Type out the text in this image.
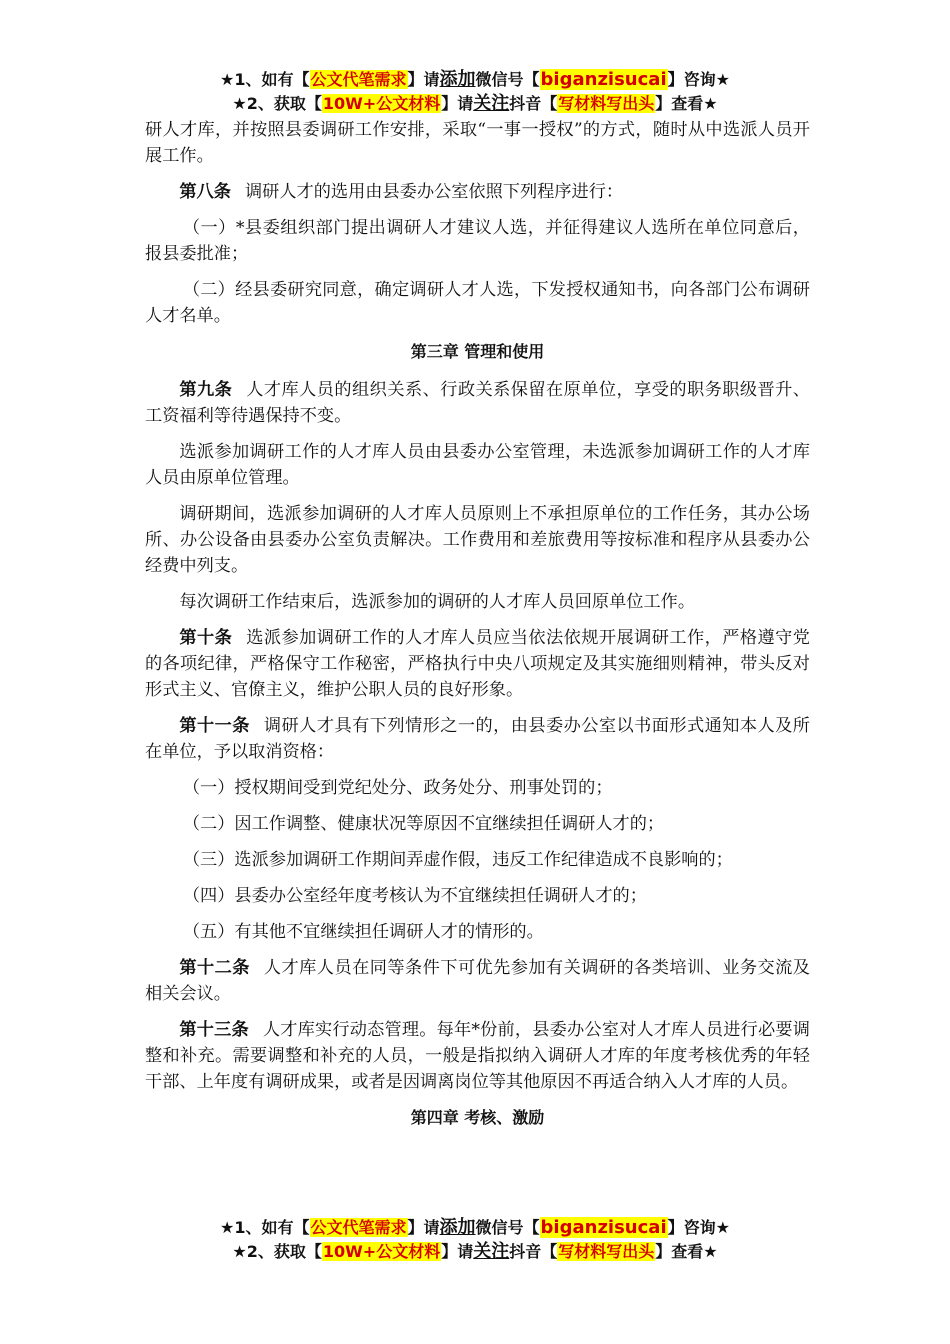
★1、如有【公文代笔需求】请添加微信号【biganzisucai】咨询★
★2、获取【10W+公文材料】请关注抖音【写材料写出头】查看★

研人才库，并按照县委调研工作安排，采取“一事一授权”的方式，随时从中选派人员开展工作。

第八条 调研人才的选用由县委办公室依照下列程序进行：

（一）*县委组织部门提出调研人才建议人选，并征得建议人选所在单位同意后，报县委批准；

（二）经县委研究同意，确定调研人才人选，下发授权通知书，向各部门公布调研人才名单。

第三章 管理和使用

第九条 人才库人员的组织关系、行政关系保留在原单位，享受的职务职级晋升、工资福利等待遇保持不变。

选派参加调研工作的人才库人员由县委办公室管理，未选派参加调研工作的人才库人员由原单位管理。

调研期间，选派参加调研的人才库人员原则上不承担原单位的工作任务，其办公场所、办公设备由县委办公室负责解决。工作费用和差旅费用等按标准和程序从县委办公经费中列支。

每次调研工作结束后，选派参加的调研的人才库人员回原单位工作。

第十条 选派参加调研工作的人才库人员应当依法依规开展调研工作，严格遵守党的各项纪律，严格保守工作秘密，严格执行中央八项规定及其实施细则精神，带头反对形式主义、官僚主义，维护公职人员的良好形象。

第十一条 调研人才具有下列情形之一的，由县委办公室以书面形式通知本人及所在单位，予以取消资格：

（一）授权期间受到党纪处分、政务处分、刑事处罚的；

（二）因工作调整、健康状况等原因不宜继续担任调研人才的；

（三）选派参加调研工作期间弄虚作假，违反工作纪律造成不良影响的；

（四）县委办公室经年度考核认为不宜继续担任调研人才的；

（五）有其他不宜继续担任调研人才的情形的。

第十二条 人才库人员在同等条件下可优先参加有关调研的各类培训、业务交流及相关会议。

第十三条 人才库实行动态管理。每年*份前，县委办公室对人才库人员进行必要调整和补充。需要调整和补充的人员，一般是指拟纳入调研人才库的年度考核优秀的年轻干部、上年度有调研成果，或者是因调离岗位等其他原因不再适合纳入人才库的人员。

第四章 考核、激励

★1、如有【公文代笔需求】请添加微信号【biganzisucai】咨询★
★2、获取【10W+公文材料】请关注抖音【写材料写出头】查看★
